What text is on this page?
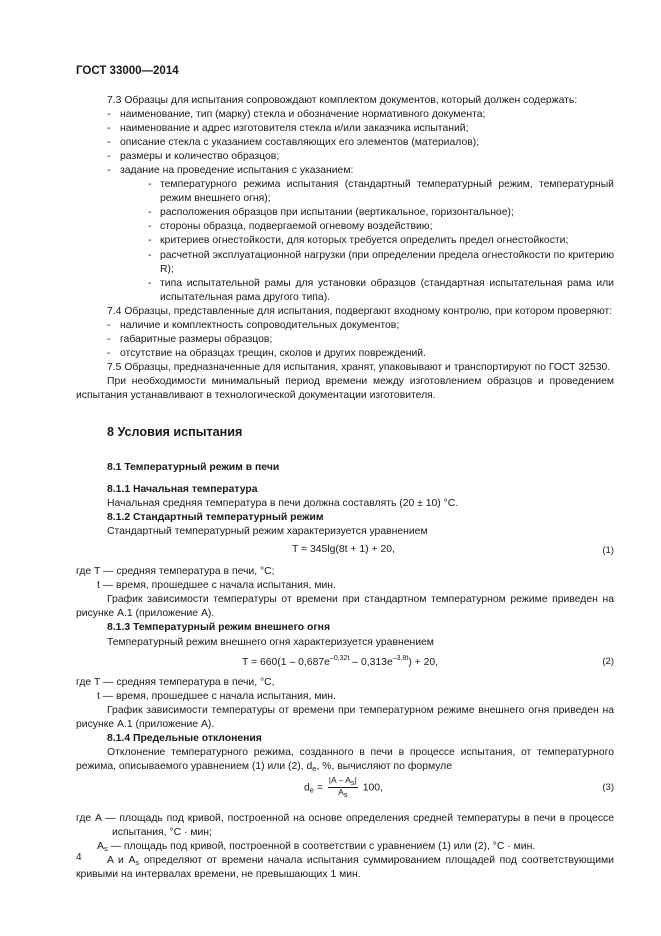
ГОСТ 33000—2014

7.3 Образцы для испытания сопровождают комплектом документов, который должен содержать:

- наименование, тип (марку) стекла и обозначение нормативного документа;

- наименование и адрес изготовителя стекла и/или заказчика испытаний;

- описание стекла с указанием составляющих его элементов (материалов);

- размеры и количество образцов;

- задание на проведение испытания с указанием:

- температурного режима испытания (стандартный температурный режим, температурный режим внешнего огня);

- расположения образцов при испытании (вертикальное, горизонтальное);

- стороны образца, подвергаемой огневому воздействию;

- критериев огнестойкости, для которых требуется определить предел огнестойкости;

- расчетной эксплуатационной нагрузки (при определении предела огнестойкости по критерию R);

- типа испытательной рамы для установки образцов (стандартная испытательная рама или испытательная рама другого типа).

7.4 Образцы, представленные для испытания, подвергают входному контролю, при котором проверяют:

- наличие и комплектность сопроводительных документов;

- габаритные размеры образцов;

- отсутствие на образцах трещин, сколов и других повреждений.

7.5 Образцы, предназначенные для испытания, хранят, упаковывают и транспортируют по ГОСТ 32530.

При необходимости минимальный период времени между изготовлением образцов и проведением испытания устанавливают в технологической документации изготовителя.

8 Условия испытания

8.1 Температурный режим в печи

8.1.1 Начальная температура

Начальная средняя температура в печи должна составлять (20 ± 10) °С.

8.1.2 Стандартный температурный режим

Стандартный температурный режим характеризуется уравнением

T = 345lg(8t + 1) + 20,	(1)

где T — средняя температура в печи, °С;

t — время, прошедшее с начала испытания, мин.

График зависимости температуры от времени при стандартном температурном режиме приведен на рисунке А.1 (приложение А).

8.1.3 Температурный режим внешнего огня

Температурный режим внешнего огня характеризуется уравнением

$T = 660(1 - 0,687e^{-0,32t} - 0,313e^{-3,8t}) + 20$,	(2)

где T — средняя температура в печи, °С,

t — время, прошедшее с начала испытания, мин.

График зависимости температуры от времени при температурном режиме внешнего огня приведен на рисунке А.1 (приложение А).

8.1.4 Предельные отклонения

Отклонение температурного режима, созданного в печи в процессе испытания, от температурного режима, описываемого уравнением (1) или (2), de, %, вычисляют по формуле

de = $\frac{|A - As|}{As} 100$,	(3)

где A — площадь под кривой, построенной на основе определения средней температуры в печи в процессе испытания, °С · мин;

As — площадь под кривой, построенной в соответствии с уравнением (1) или (2), °С · мин.

A и As определяют от времени начала испытания суммированием площадей под соответствующими кривыми на интервалах времени, не превышающих 1 мин.

4
